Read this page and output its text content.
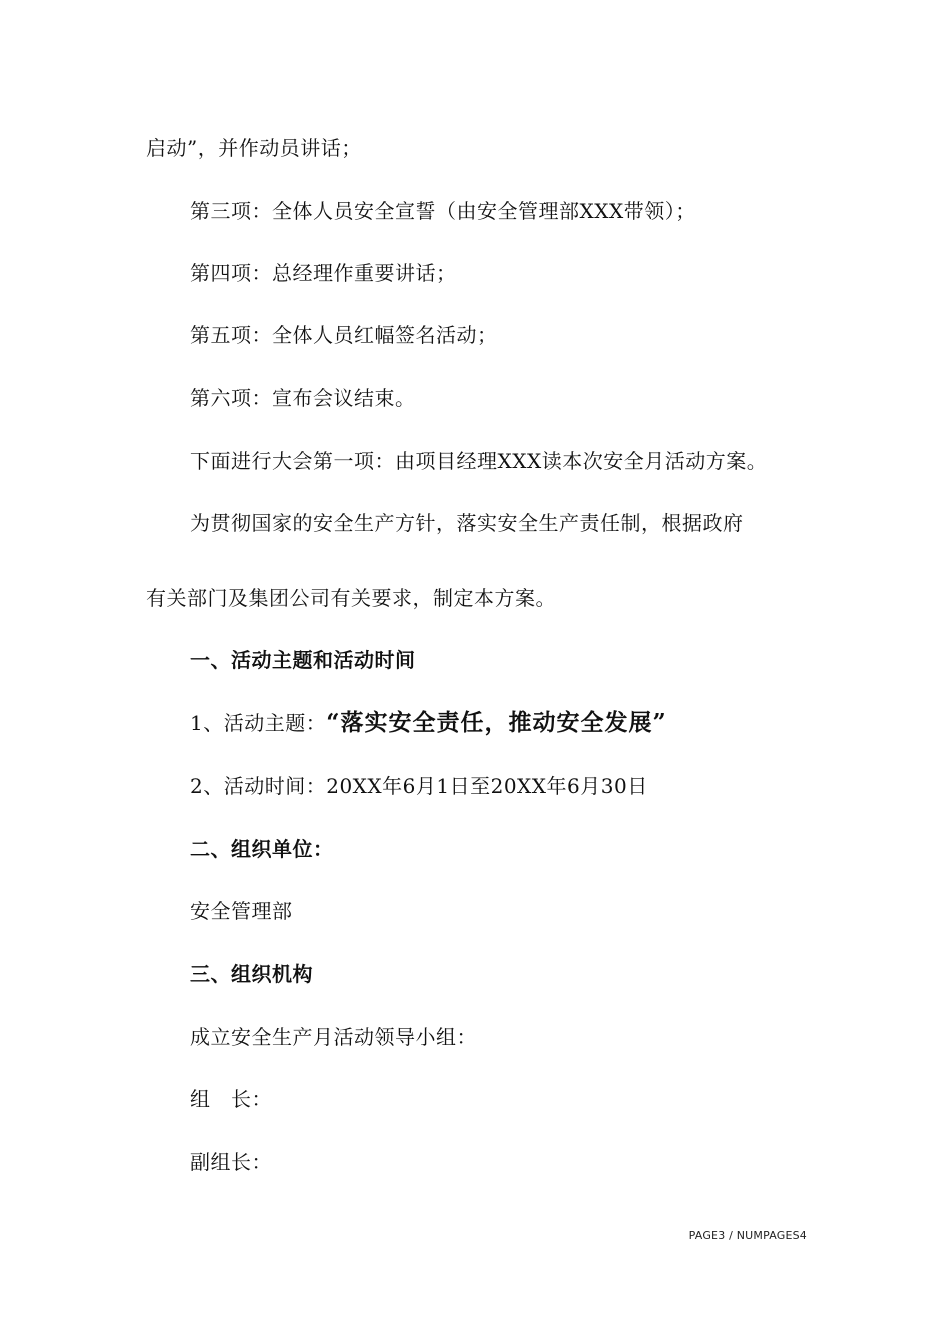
启动”，并作动员讲话；
第三项：全体人员安全宣誓（由安全管理部XXX带领）；
第四项：总经理作重要讲话；
第五项：全体人员红幅签名活动；
第六项：宣布会议结束。
下面进行大会第一项：由项目经理XXX读本次安全月活动方案。
为贯彻国家的安全生产方针，落实安全生产责任制，根据政府
有关部门及集团公司有关要求，制定本方案。
一、活动主题和活动时间
1、活动主题：“落实安全责任，推动安全发展”
2、活动时间：20XX年6月1日至20XX年6月30日
二、组织单位：
安全管理部
三、组织机构
成立安全生产月活动领导小组：
组　长：
副组长：
PAGE3 / NUMPAGES4
